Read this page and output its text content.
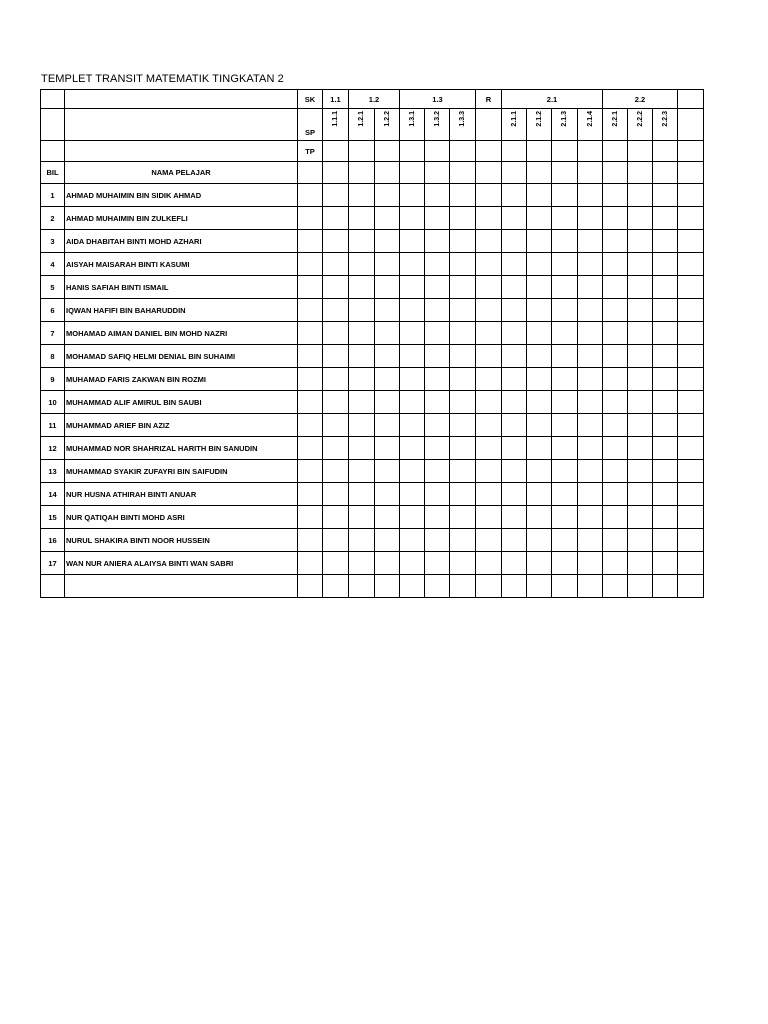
TEMPLET TRANSIT MATEMATIK TINGKATAN 2
		SK	1.1	1.2		1.3			R	2.1				2.2			
		SP	1.1.1	1.2.1	1.2.2	1.3.1	1.3.2	1.3.3		2.1.1	2.1.2	2.1.3	2.1.4	2.2.1	2.2.2	2.2.3	
		TP															
BIL	NAMA PELAJAR																
1	AHMAD MUHAIMIN BIN SIDIK AHMAD																
2	AHMAD MUHAIMIN BIN ZULKEFLI																
3	AIDA DHABITAH BINTI MOHD AZHARI																
4	AISYAH MAISARAH BINTI KASUMI																
5	HANIS SAFIAH BINTI ISMAIL																
6	IQWAN HAFIFI BIN BAHARUDDIN																
7	MOHAMAD AIMAN DANIEL BIN MOHD NAZRI																
8	MOHAMAD SAFIQ HELMI DENIAL BIN SUHAIMI																
9	MUHAMAD FARIS ZAKWAN BIN ROZMI																
10	MUHAMMAD ALIF AMIRUL BIN SAUBI																
11	MUHAMMAD ARIEF BIN AZIZ																
12	MUHAMMAD NOR SHAHRIZAL HARITH BIN SANUDIN																
13	MUHAMMAD SYAKIR ZUFAYRI BIN SAIFUDIN																
14	NUR HUSNA ATHIRAH BINTI ANUAR																
15	NUR QATIQAH BINTI MOHD ASRI																
16	NURUL SHAKIRA BINTI NOOR HUSSEIN																
17	WAN NUR ANIERA ALAIYSA BINTI WAN SABRI																
